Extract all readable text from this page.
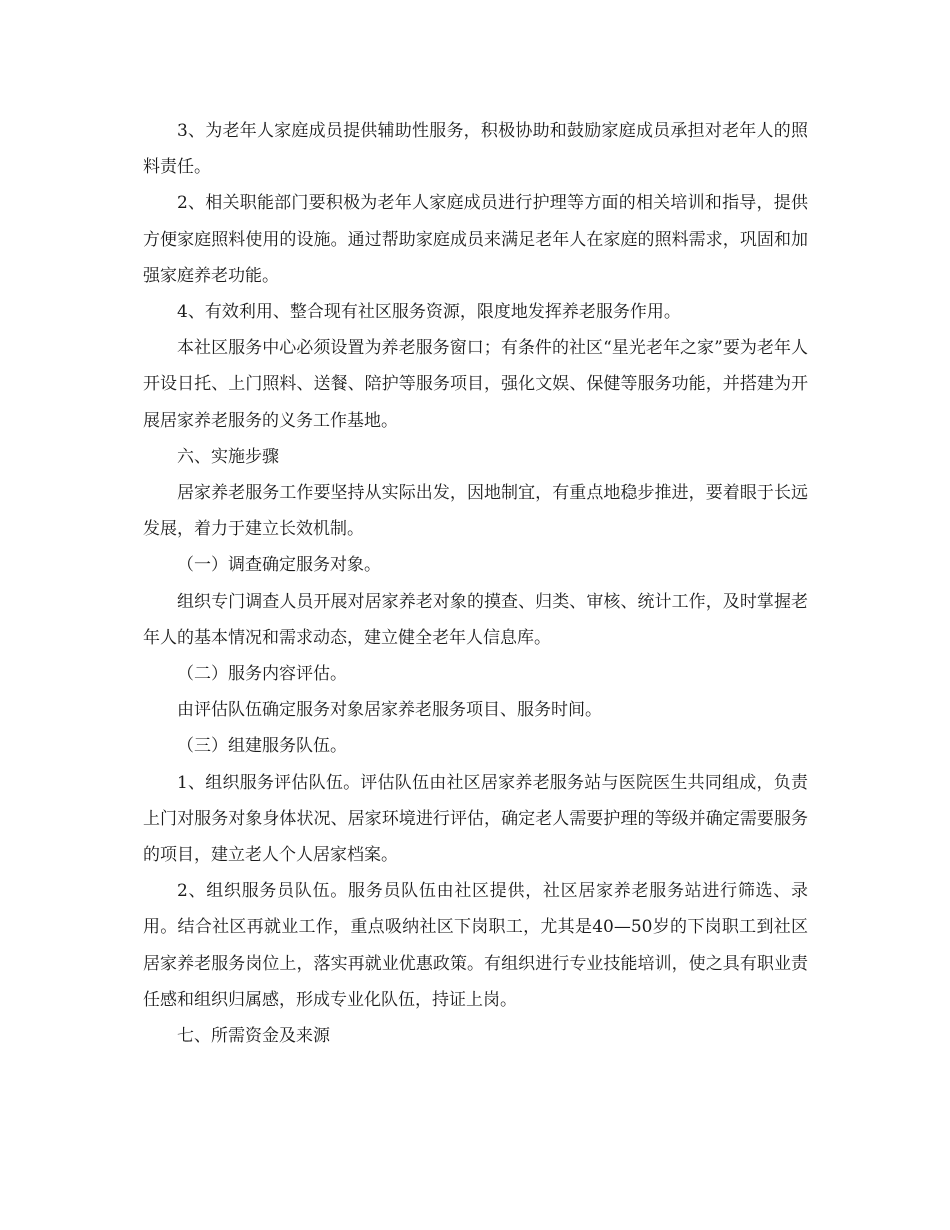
3、为老年人家庭成员提供辅助性服务，积极协助和鼓励家庭成员承担对老年人的照料责任。

2、相关职能部门要积极为老年人家庭成员进行护理等方面的相关培训和指导，提供方便家庭照料使用的设施。通过帮助家庭成员来满足老年人在家庭的照料需求，巩固和加强家庭养老功能。

4、有效利用、整合现有社区服务资源，限度地发挥养老服务作用。

本社区服务中心必须设置为养老服务窗口；有条件的社区“星光老年之家”要为老年人开设日托、上门照料、送餐、陪护等服务项目，强化文娱、保健等服务功能，并搭建为开展居家养老服务的义务工作基地。

六、实施步骤

居家养老服务工作要坚持从实际出发，因地制宜，有重点地稳步推进，要着眼于长远发展，着力于建立长效机制。

（一）调查确定服务对象。

组织专门调查人员开展对居家养老对象的摸查、归类、审核、统计工作，及时掌握老年人的基本情况和需求动态，建立健全老年人信息库。

（二）服务内容评估。

由评估队伍确定服务对象居家养老服务项目、服务时间。

（三）组建服务队伍。

1、组织服务评估队伍。评估队伍由社区居家养老服务站与医院医生共同组成，负责上门对服务对象身体状况、居家环境进行评估，确定老人需要护理的等级并确定需要服务的项目，建立老人个人居家档案。

2、组织服务员队伍。服务员队伍由社区提供，社区居家养老服务站进行筛选、录用。结合社区再就业工作，重点吸纳社区下岗职工，尤其是40—50岁的下岗职工到社区居家养老服务岗位上，落实再就业优惠政策。有组织进行专业技能培训，使之具有职业责任感和组织归属感，形成专业化队伍，持证上岗。

七、所需资金及来源
